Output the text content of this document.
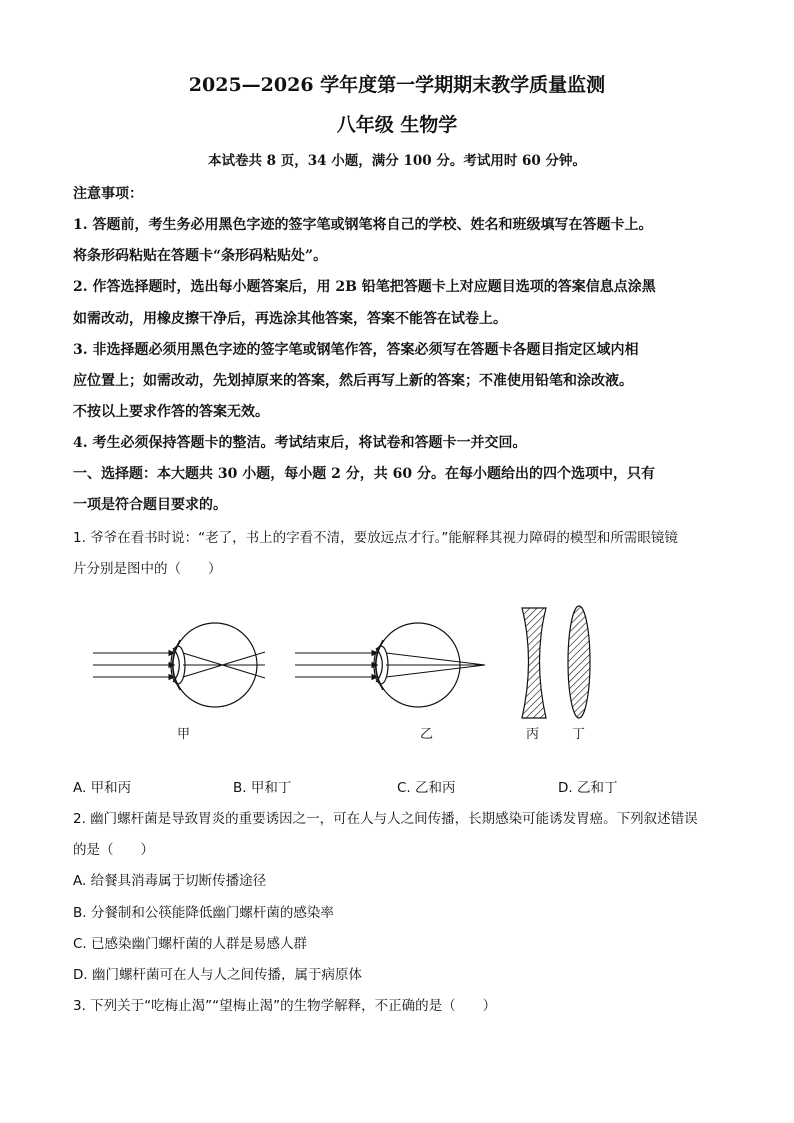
2025—2026 学年度第一学期期末教学质量监测
八年级 生物学
本试卷共 8 页，34 小题，满分 100 分。考试用时 60 分钟。
注意事项：
1. 答题前，考生务必用黑色字迹的签字笔或钢笔将自己的学校、姓名和班级填写在答题卡上。
将条形码粘贴在答题卡“条形码粘贴处”。
2. 作答选择题时，选出每小题答案后，用 2B 铅笔把答题卡上对应题目选项的答案信息点涂黑
如需改动，用橡皮擦干净后，再选涂其他答案，答案不能答在试卷上。
3. 非选择题必须用黑色字迹的签字笔或钢笔作答，答案必须写在答题卡各题目指定区域内相
应位置上；如需改动，先划掉原来的答案，然后再写上新的答案；不准使用铅笔和涂改液。
不按以上要求作答的答案无效。
4. 考生必须保持答题卡的整洁。考试结束后，将试卷和答题卡一并交回。
一、选择题：本大题共 30 小题，每小题 2 分，共 60 分。在每小题给出的四个选项中，只有
一项是符合题目要求的。
1. 爷爷在看书时说：“老了，书上的字看不清，要放远点才行。”能解释其视力障碍的模型和所需眼镜镜
片分别是图中的（　　）
甲	乙	丙	丁
A. 甲和丙	B. 甲和丁	C. 乙和丙	D. 乙和丁
2. 幽门螺杆菌是导致胃炎的重要诱因之一，可在人与人之间传播，长期感染可能诱发胃癌。下列叙述错误
的是（　　）
A. 给餐具消毒属于切断传播途径
B. 分餐制和公筷能降低幽门螺杆菌的感染率
C. 已感染幽门螺杆菌的人群是易感人群
D. 幽门螺杆菌可在人与人之间传播，属于病原体
3. 下列关于“吃梅止渴”“望梅止渴”的生物学解释，不正确的是（　　）
